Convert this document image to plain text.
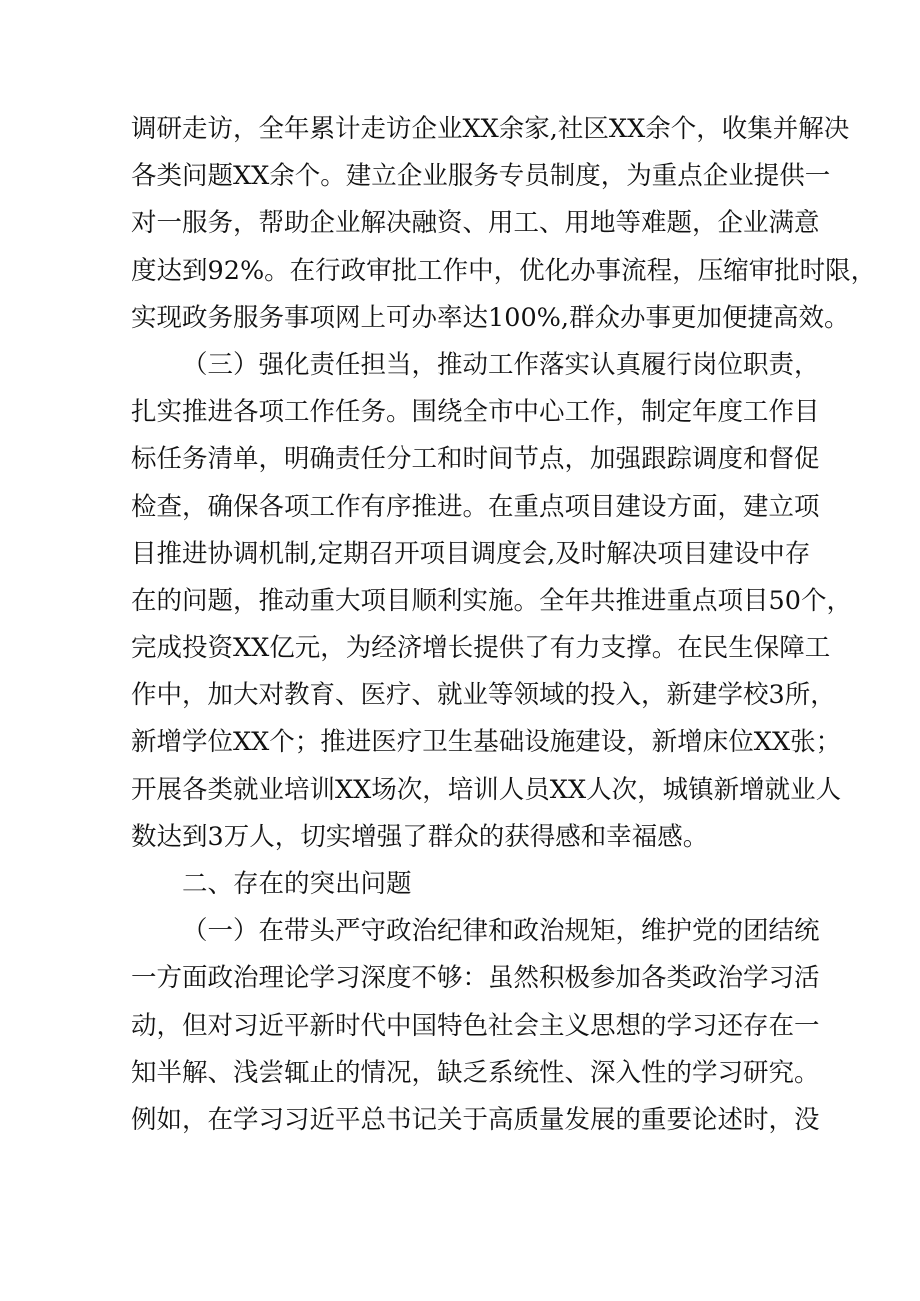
调研走访，全年累计走访企业XX余家,社区XX余个，收集并解决
各类问题XX余个。建立企业服务专员制度，为重点企业提供一
对一服务，帮助企业解决融资、用工、用地等难题，企业满意
度达到92%。在行政审批工作中，优化办事流程，压缩审批时限，
实现政务服务事项网上可办率达100%,群众办事更加便捷高效。
（三）强化责任担当，推动工作落实认真履行岗位职责，
扎实推进各项工作任务。围绕全市中心工作，制定年度工作目
标任务清单，明确责任分工和时间节点，加强跟踪调度和督促
检查，确保各项工作有序推进。在重点项目建设方面，建立项
目推进协调机制,定期召开项目调度会,及时解决项目建设中存
在的问题，推动重大项目顺利实施。全年共推进重点项目50个，
完成投资XX亿元，为经济增长提供了有力支撑。在民生保障工
作中，加大对教育、医疗、就业等领域的投入，新建学校3所，
新增学位XX个；推进医疗卫生基础设施建设，新增床位XX张；
开展各类就业培训XX场次，培训人员XX人次，城镇新增就业人
数达到3万人，切实增强了群众的获得感和幸福感。
二、存在的突出问题
（一）在带头严守政治纪律和政治规矩，维护党的团结统
一方面政治理论学习深度不够：虽然积极参加各类政治学习活
动，但对习近平新时代中国特色社会主义思想的学习还存在一
知半解、浅尝辄止的情况，缺乏系统性、深入性的学习研究。
例如，在学习习近平总书记关于高质量发展的重要论述时，没
